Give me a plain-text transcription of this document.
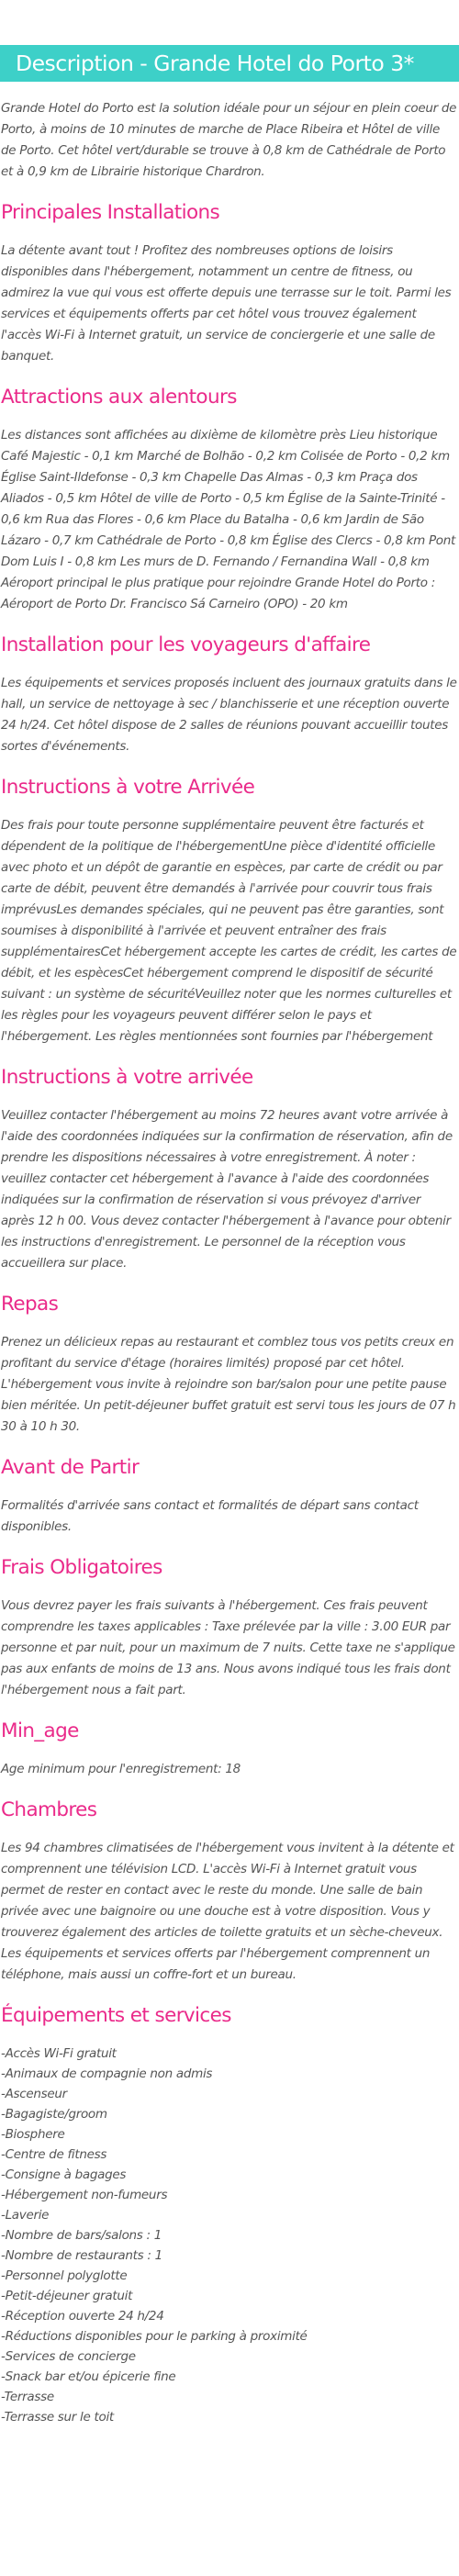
Description - Grande Hotel do Porto 3*

Grande Hotel do Porto est la solution idéale pour un séjour en plein coeur de Porto, à moins de 10 minutes de marche de Place Ribeira et Hôtel de ville de Porto. Cet hôtel vert/durable se trouve à 0,8 km de Cathédrale de Porto et à 0,9 km de Librairie historique Chardron.

Principales Installations

La détente avant tout ! Profitez des nombreuses options de loisirs disponibles dans l'hébergement, notamment un centre de fitness, ou admirez la vue qui vous est offerte depuis une terrasse sur le toit. Parmi les services et équipements offerts par cet hôtel vous trouvez également l'accès Wi-Fi à Internet gratuit, un service de conciergerie et une salle de banquet.

Attractions aux alentours

Les distances sont affichées au dixième de kilomètre près Lieu historique Café Majestic - 0,1 km Marché de Bolhão - 0,2 km Colisée de Porto - 0,2 km Église Saint-Ildefonse - 0,3 km Chapelle Das Almas - 0,3 km Praça dos Aliados - 0,5 km Hôtel de ville de Porto - 0,5 km Église de la Sainte-Trinité - 0,6 km Rua das Flores - 0,6 km Place du Batalha - 0,6 km Jardin de São Lázaro - 0,7 km Cathédrale de Porto - 0,8 km Église des Clercs - 0,8 km Pont Dom Luis I - 0,8 km Les murs de D. Fernando / Fernandina Wall - 0,8 km Aéroport principal le plus pratique pour rejoindre Grande Hotel do Porto : Aéroport de Porto Dr. Francisco Sá Carneiro (OPO) - 20 km

Installation pour les voyageurs d'affaire

Les équipements et services proposés incluent des journaux gratuits dans le hall, un service de nettoyage à sec / blanchisserie et une réception ouverte 24 h/24. Cet hôtel dispose de 2 salles de réunions pouvant accueillir toutes sortes d'événements.

Instructions à votre Arrivée

Des frais pour toute personne supplémentaire peuvent être facturés et dépendent de la politique de l'hébergementUne pièce d'identité officielle avec photo et un dépôt de garantie en espèces, par carte de crédit ou par carte de débit, peuvent être demandés à l'arrivée pour couvrir tous frais imprévusLes demandes spéciales, qui ne peuvent pas être garanties, sont soumises à disponibilité à l'arrivée et peuvent entraîner des frais supplémentairesCet hébergement accepte les cartes de crédit, les cartes de débit, et les espècesCet hébergement comprend le dispositif de sécurité suivant : un système de sécuritéVeuillez noter que les normes culturelles et les règles pour les voyageurs peuvent différer selon le pays et l'hébergement. Les règles mentionnées sont fournies par l'hébergement

Instructions à votre arrivée

Veuillez contacter l'hébergement au moins 72 heures avant votre arrivée à l'aide des coordonnées indiquées sur la confirmation de réservation, afin de prendre les dispositions nécessaires à votre enregistrement. À noter : veuillez contacter cet hébergement à l'avance à l'aide des coordonnées indiquées sur la confirmation de réservation si vous prévoyez d'arriver après 12 h 00. Vous devez contacter l'hébergement à l'avance pour obtenir les instructions d'enregistrement. Le personnel de la réception vous accueillera sur place.

Repas

Prenez un délicieux repas au restaurant et comblez tous vos petits creux en profitant du service d'étage (horaires limités) proposé par cet hôtel. L'hébergement vous invite à rejoindre son bar/salon pour une petite pause bien méritée. Un petit-déjeuner buffet gratuit est servi tous les jours de 07 h 30 à 10 h 30.

Avant de Partir

Formalités d'arrivée sans contact et formalités de départ sans contact disponibles.

Frais Obligatoires

Vous devrez payer les frais suivants à l'hébergement. Ces frais peuvent comprendre les taxes applicables : Taxe prélevée par la ville : 3.00 EUR par personne et par nuit, pour un maximum de 7 nuits. Cette taxe ne s'applique pas aux enfants de moins de 13 ans. Nous avons indiqué tous les frais dont l'hébergement nous a fait part.

Min_age

Age minimum pour l'enregistrement: 18

Chambres

Les 94 chambres climatisées de l'hébergement vous invitent à la détente et comprennent une télévision LCD. L'accès Wi-Fi à Internet gratuit vous permet de rester en contact avec le reste du monde. Une salle de bain privée avec une baignoire ou une douche est à votre disposition. Vous y trouverez également des articles de toilette gratuits et un sèche-cheveux. Les équipements et services offerts par l'hébergement comprennent un téléphone, mais aussi un coffre-fort et un bureau.

Équipements et services
-Accès Wi-Fi gratuit
-Animaux de compagnie non admis
-Ascenseur
-Bagagiste/groom
-Biosphere
-Centre de fitness
-Consigne à bagages
-Hébergement non-fumeurs
-Laverie
-Nombre de bars/salons : 1
-Nombre de restaurants : 1
-Personnel polyglotte
-Petit-déjeuner gratuit
-Réception ouverte 24 h/24
-Réductions disponibles pour le parking à proximité
-Services de concierge
-Snack bar et/ou épicerie fine
-Terrasse
-Terrasse sur le toit
